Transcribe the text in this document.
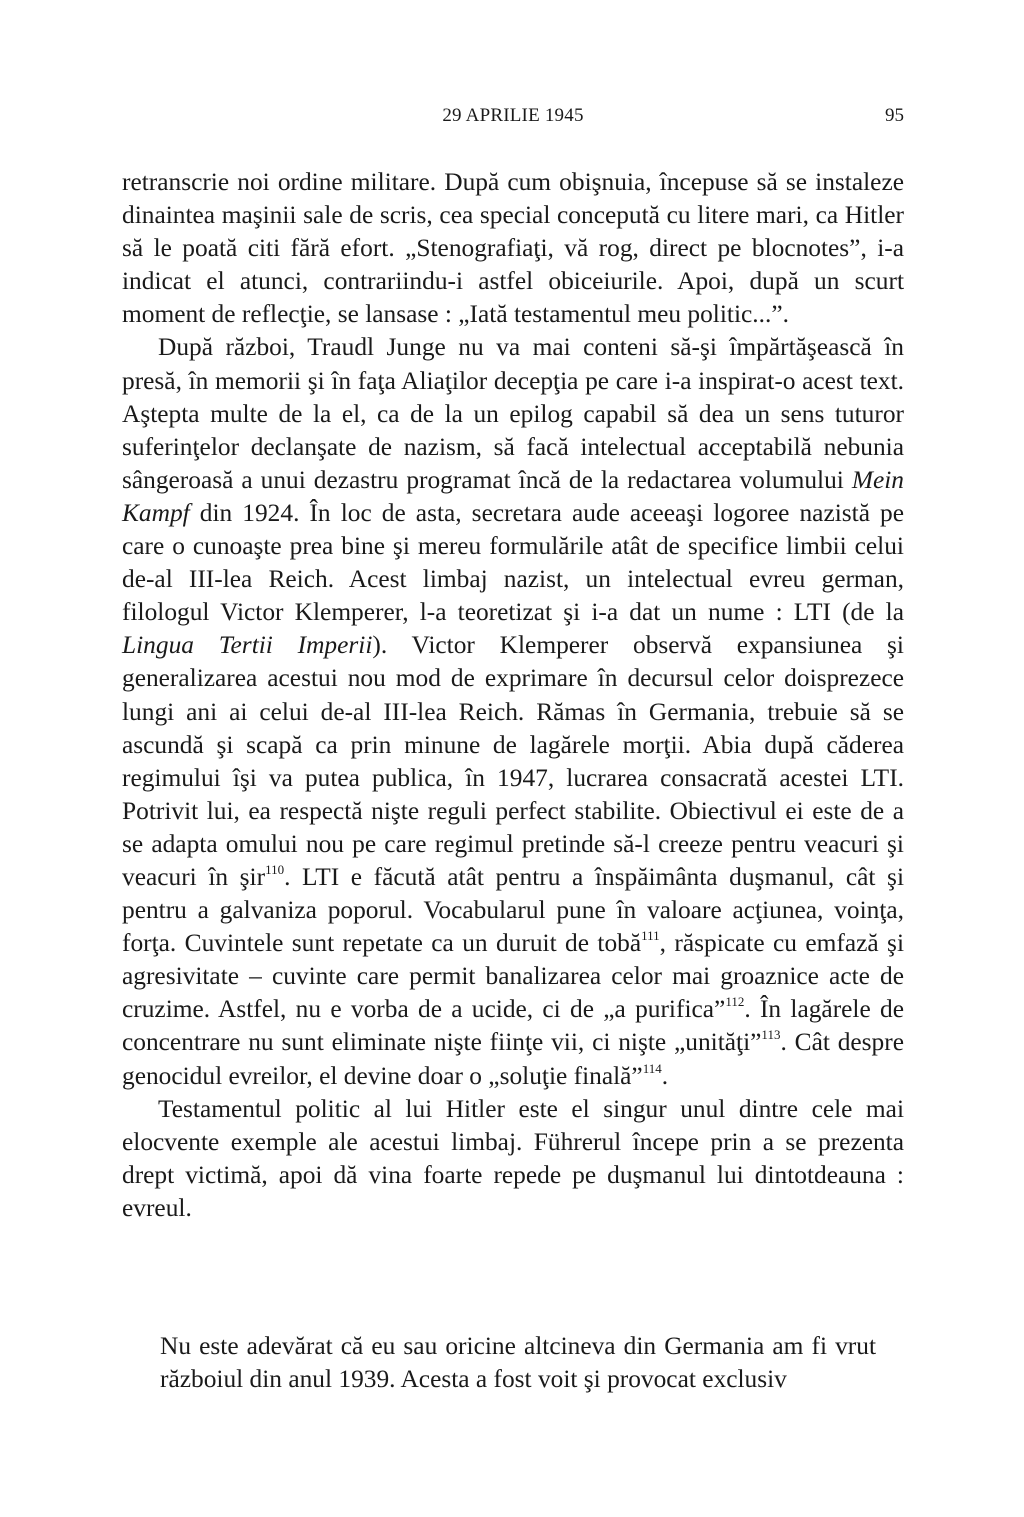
29 APRILIE 1945	95

retranscrie noi ordine militare. După cum obişnuia, începuse să se instaleze dinaintea maşinii sale de scris, cea special concepută cu litere mari, ca Hitler să le poată citi fără efort. „Stenografiaţi, vă rog, direct pe blocnotes”, i-a indicat el atunci, contrariindu-i astfel obiceiurile. Apoi, după un scurt moment de reflecţie, se lansase : „Iată testamentul meu politic...”.

După război, Traudl Junge nu va mai conteni să-şi împărtăşească în presă, în memorii şi în faţa Aliaţilor decepţia pe care i-a inspirat-o acest text. Aştepta multe de la el, ca de la un epilog capabil să dea un sens tuturor suferinţelor declanşate de nazism, să facă intelectual acceptabilă nebunia sângeroasă a unui dezastru programat încă de la redactarea volumului Mein Kampf din 1924. În loc de asta, secretara aude aceeaşi logoree nazistă pe care o cunoaşte prea bine şi mereu formulările atât de specifice limbii celui de-al III-lea Reich. Acest limbaj nazist, un intelectual evreu german, filologul Victor Klemperer, l-a teoretizat şi i-a dat un nume : LTI (de la Lingua Tertii Imperii). Victor Klemperer observă expansiunea şi generalizarea acestui nou mod de exprimare în decursul celor doisprezece lungi ani ai celui de-al III-lea Reich. Rămas în Germania, trebuie să se ascundă şi scapă ca prin minune de lagărele morţii. Abia după căderea regimului îşi va putea publica, în 1947, lucrarea consacrată acestei LTI. Potrivit lui, ea respectă nişte reguli perfect stabilite. Obiectivul ei este de a se adapta omului nou pe care regimul pretinde să-l creeze pentru veacuri şi veacuri în şir$^{110}$. LTI e făcută atât pentru a înspăimânta duşmanul, cât şi pentru a galvaniza poporul. Vocabularul pune în valoare acţiunea, voinţa, forţa. Cuvintele sunt repetate ca un duruit de tobă$^{111}$, răspicate cu emfază şi agresivitate – cuvinte care permit banalizarea celor mai groaznice acte de cruzime. Astfel, nu e vorba de a ucide, ci de „a purifica”$^{112}$. În lagărele de concentrare nu sunt eliminate nişte fiinţe vii, ci nişte „unităţi”$^{113}$. Cât despre genocidul evreilor, el devine doar o „soluţie finală”$^{114}$.

Testamentul politic al lui Hitler este el singur unul dintre cele mai elocvente exemple ale acestui limbaj. Führerul începe prin a se prezenta drept victimă, apoi dă vina foarte repede pe duşmanul lui dintotdeauna : evreul.

Nu este adevărat că eu sau oricine altcineva din Germania am fi vrut războiul din anul 1939. Acesta a fost voit şi provocat exclusiv
